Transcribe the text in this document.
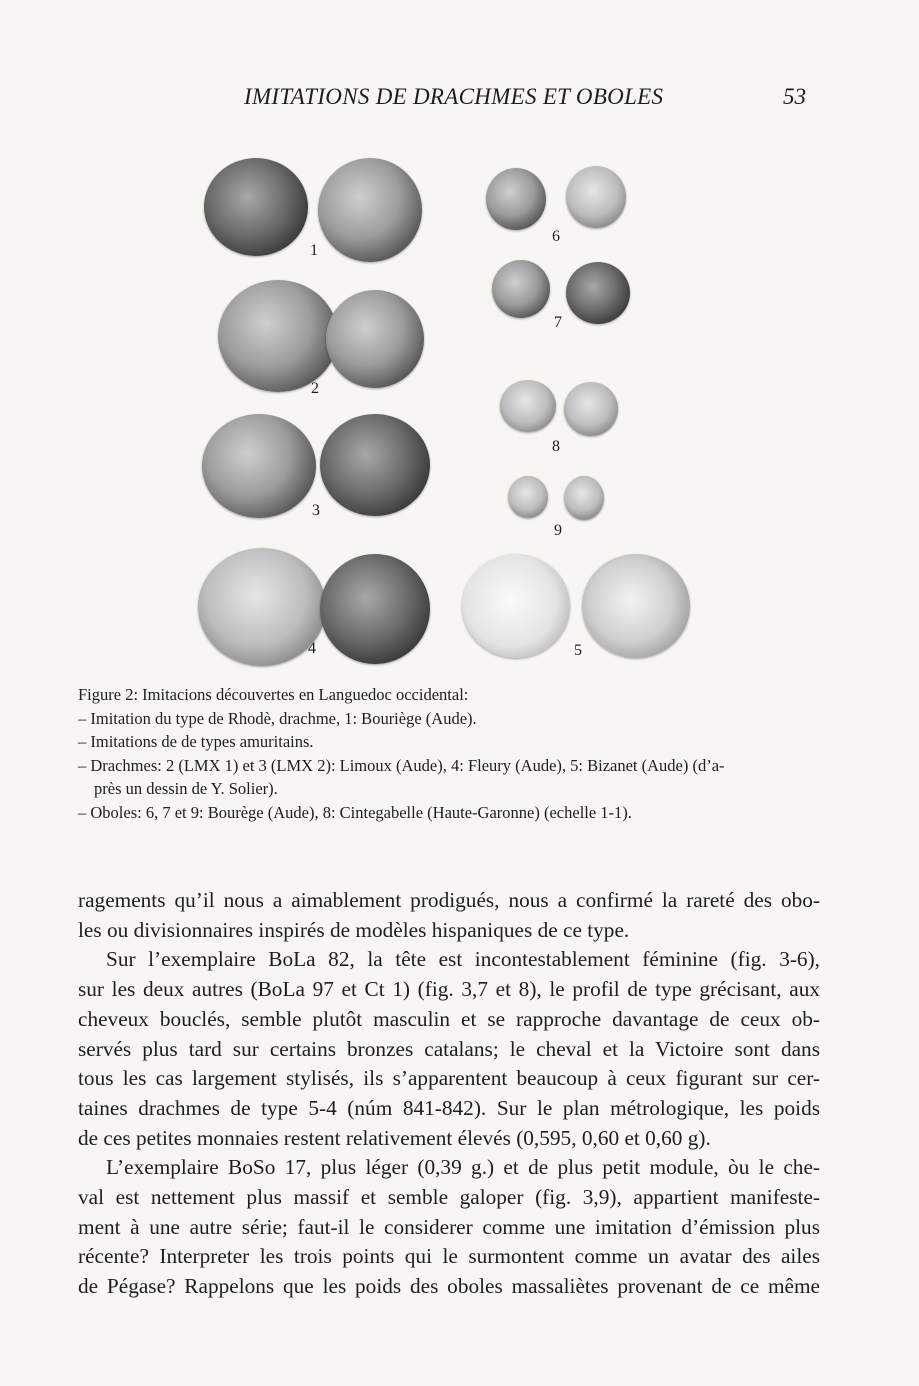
IMITATIONS DE DRACHMES ET OBOLES	53
1
2
3
4	5
6
7
8
9
Figure 2: Imitacions découvertes en Languedoc occidental:
– Imitation du type de Rhodè, drachme, 1: Bouriège (Aude).
– Imitations de de types amuritains.
– Drachmes: 2 (LMX 1) et 3 (LMX 2): Limoux (Aude), 4: Fleury (Aude), 5: Bizanet (Aude) (d’a-
près un dessin de Y. Solier).
– Oboles: 6, 7 et 9: Bourège (Aude), 8: Cintegabelle (Haute-Garonne) (echelle 1-1).
ragements qu’il nous a aimablement prodigués, nous a confirmé la rareté des obo-
les ou divisionnaires inspirés de modèles hispaniques de ce type.
Sur l’exemplaire BoLa 82, la tête est incontestablement féminine (fig. 3-6),
sur les deux autres (BoLa 97 et Ct 1) (fig. 3,7 et 8), le profil de type grécisant, aux
cheveux bouclés, semble plutôt masculin et se rapproche davantage de ceux ob-
servés plus tard sur certains bronzes catalans; le cheval et la Victoire sont dans
tous les cas largement stylisés, ils s’apparentent beaucoup à ceux figurant sur cer-
taines drachmes de type 5-4 (núm 841-842). Sur le plan métrologique, les poids
de ces petites monnaies restent relativement élevés (0,595, 0,60 et 0,60 g).
L’exemplaire BoSo 17, plus léger (0,39 g.) et de plus petit module, òu le che-
val est nettement plus massif et semble galoper (fig. 3,9), appartient manifeste-
ment à une autre série; faut-il le considerer comme une imitation d’émission plus
récente? Interpreter les trois points qui le surmontent comme un avatar des ailes
de Pégase? Rappelons que les poids des oboles massaliètes provenant de ce même
